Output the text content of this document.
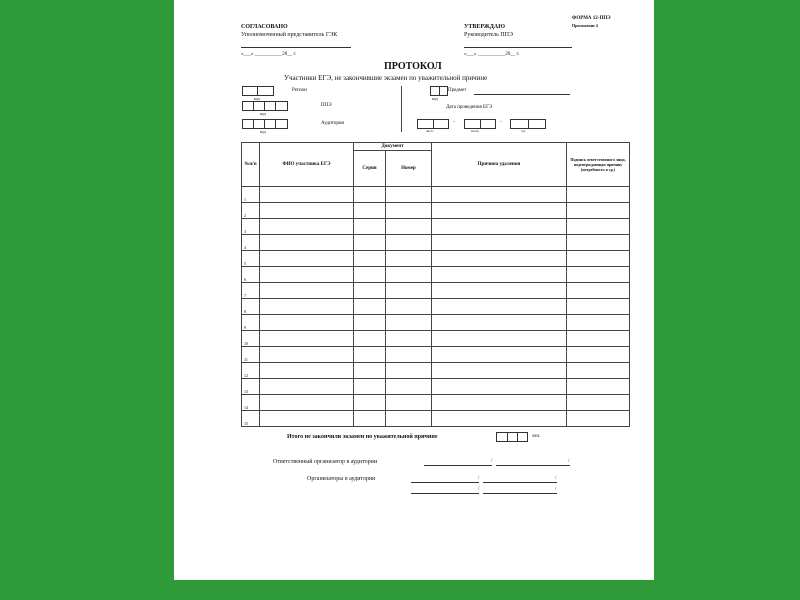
ФОРМА 12-ППЭ
Приложение 4
СОГЛАСОВАНО
Уполномоченный представитель ГЭК
«___» ___________20__ г.
УТВЕРЖДАЮ
Руководитель ППЭ
«___» ___________20__ г.
ПРОТОКОЛ
Участники ЕГЭ, не закончившие экзамен по уважительной причине
код
Регион
код
ППЭ
код
Аудитория
код
Предмет
Дата проведения ЕГЭ
-	-
число	месяц	год
№п/п	ФИО участника ЕГЭ	Документ		Причина удаления	Подпись ответственного лица, подтверждающая причину (потребность в ср.)
		Серия	Номер		
1					
2					
3					
4					
5					
6					
7					
8					
9					
10					
11					
12					
13					
14					
15					
Итого не закончили экзамен по уважительной причине	чел.
Ответственный организатор в аудитории	/	/
Организаторы в аудитории	/	/
/	/
